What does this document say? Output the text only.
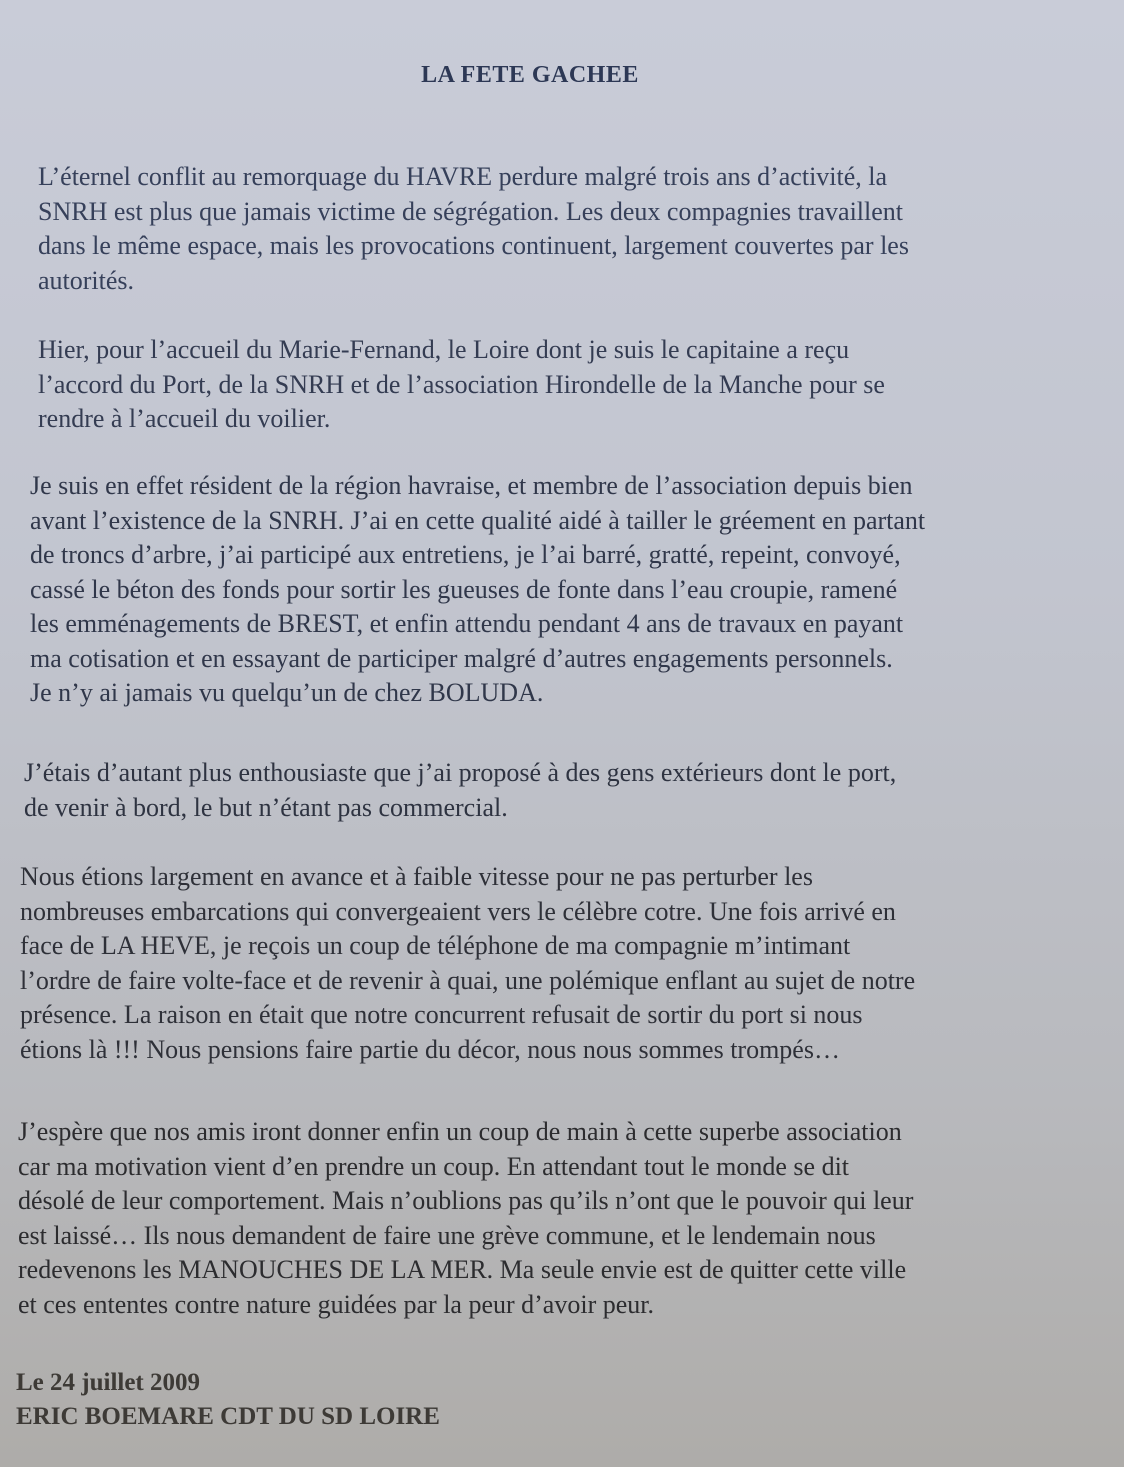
LA FETE GACHEE

L’éternel conflit au remorquage du HAVRE perdure malgré trois ans d’activité, la
SNRH est plus que jamais victime de ségrégation. Les deux compagnies travaillent
dans le même espace, mais les provocations continuent, largement couvertes par les
autorités.

Hier, pour l’accueil du Marie-Fernand, le Loire dont je suis le capitaine a reçu
l’accord du Port, de la SNRH et de l’association Hirondelle de la Manche pour se
rendre à l’accueil du voilier.

Je suis en effet résident de la région havraise, et membre de l’association depuis bien
avant l’existence de la SNRH. J’ai en cette qualité aidé à tailler le gréement en partant
de troncs d’arbre, j’ai participé aux entretiens, je l’ai barré, gratté, repeint, convoyé,
cassé le béton des fonds pour sortir les gueuses de fonte dans l’eau croupie, ramené
les emménagements de BREST, et enfin attendu pendant 4 ans de travaux en payant
ma cotisation et en essayant de participer malgré d’autres engagements personnels.
Je n’y ai jamais vu quelqu’un de chez BOLUDA.

J’étais d’autant plus enthousiaste que j’ai proposé à des gens extérieurs dont le port,
de venir à bord, le but n’étant pas commercial.

Nous étions largement en avance et à faible vitesse pour ne pas perturber les
nombreuses embarcations qui convergeaient vers le célèbre cotre. Une fois arrivé en
face de LA HEVE, je reçois un coup de téléphone de ma compagnie m’intimant
l’ordre de faire volte-face et de revenir à quai, une polémique enflant au sujet de notre
présence. La raison en était que notre concurrent refusait de sortir du port si nous
étions là !!! Nous pensions faire partie du décor, nous nous sommes trompés…

J’espère que nos amis iront donner enfin un coup de main à cette superbe association
car ma motivation vient d’en prendre un coup. En attendant tout le monde se dit
désolé de leur comportement. Mais n’oublions pas qu’ils n’ont que le pouvoir qui leur
est laissé… Ils nous demandent de faire une grève commune, et le lendemain nous
redevenons les MANOUCHES DE LA MER. Ma seule envie est de quitter cette ville
et ces ententes contre nature guidées par la peur d’avoir peur.

Le 24 juillet 2009
ERIC BOEMARE CDT DU SD LOIRE
